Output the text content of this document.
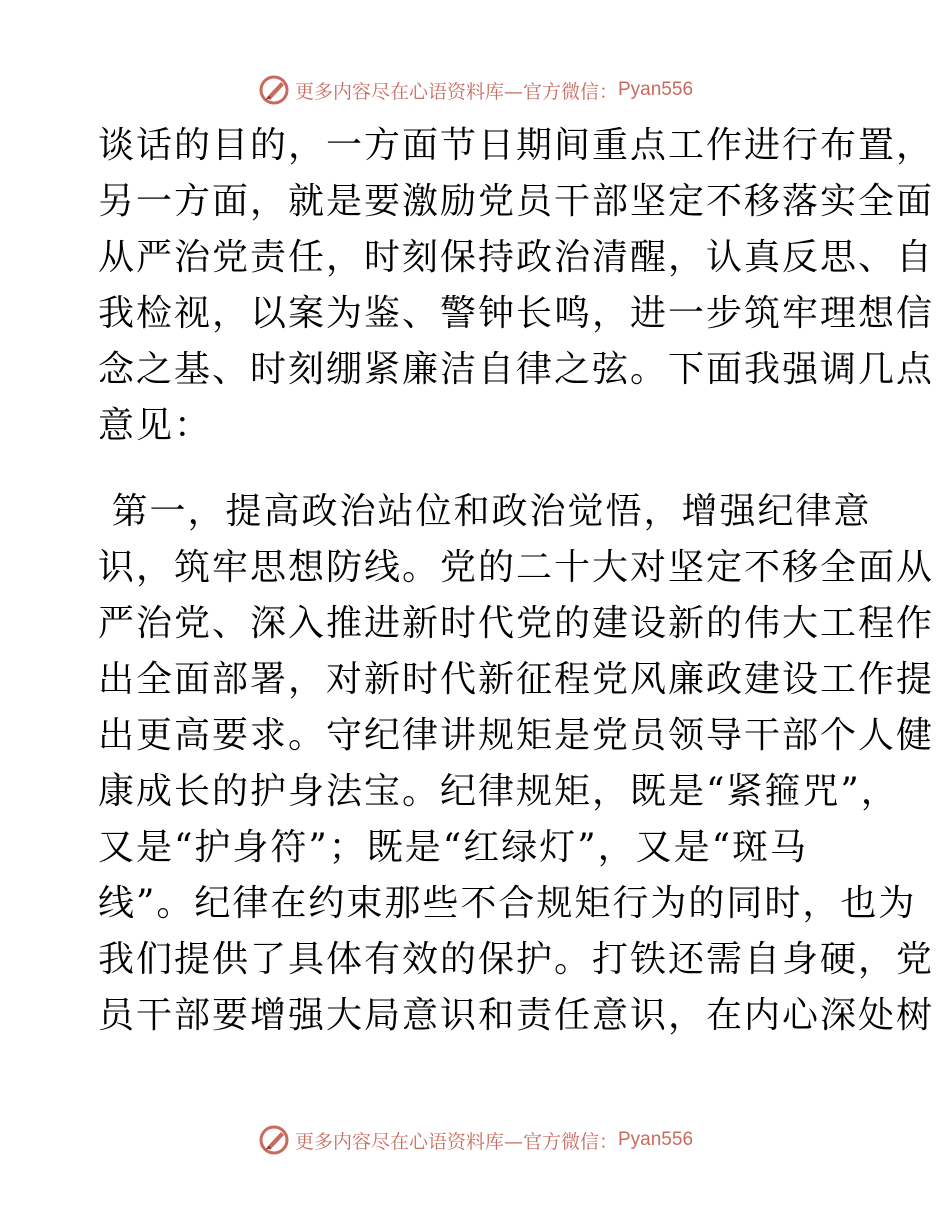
更多内容尽在心语资料库—官方微信： Pyan556
谈话的目的，一方面节日期间重点工作进行布置，
另一方面，就是要激励党员干部坚定不移落实全面
从严治党责任，时刻保持政治清醒，认真反思、自
我检视，以案为鉴、警钟长鸣，进一步筑牢理想信
念之基、时刻绷紧廉洁自律之弦。下面我强调几点
意见：
第一，提高政治站位和政治觉悟，增强纪律意
识，筑牢思想防线。党的二十大对坚定不移全面从
严治党、深入推进新时代党的建设新的伟大工程作
出全面部署，对新时代新征程党风廉政建设工作提
出更高要求。守纪律讲规矩是党员领导干部个人健
康成长的护身法宝。纪律规矩，既是“紧箍咒”，
又是“护身符”；既是“红绿灯”，又是“斑马
线”。纪律在约束那些不合规矩行为的同时，也为
我们提供了具体有效的保护。打铁还需自身硬，党
员干部要增强大局意识和责任意识，在内心深处树
更多内容尽在心语资料库—官方微信： Pyan556
